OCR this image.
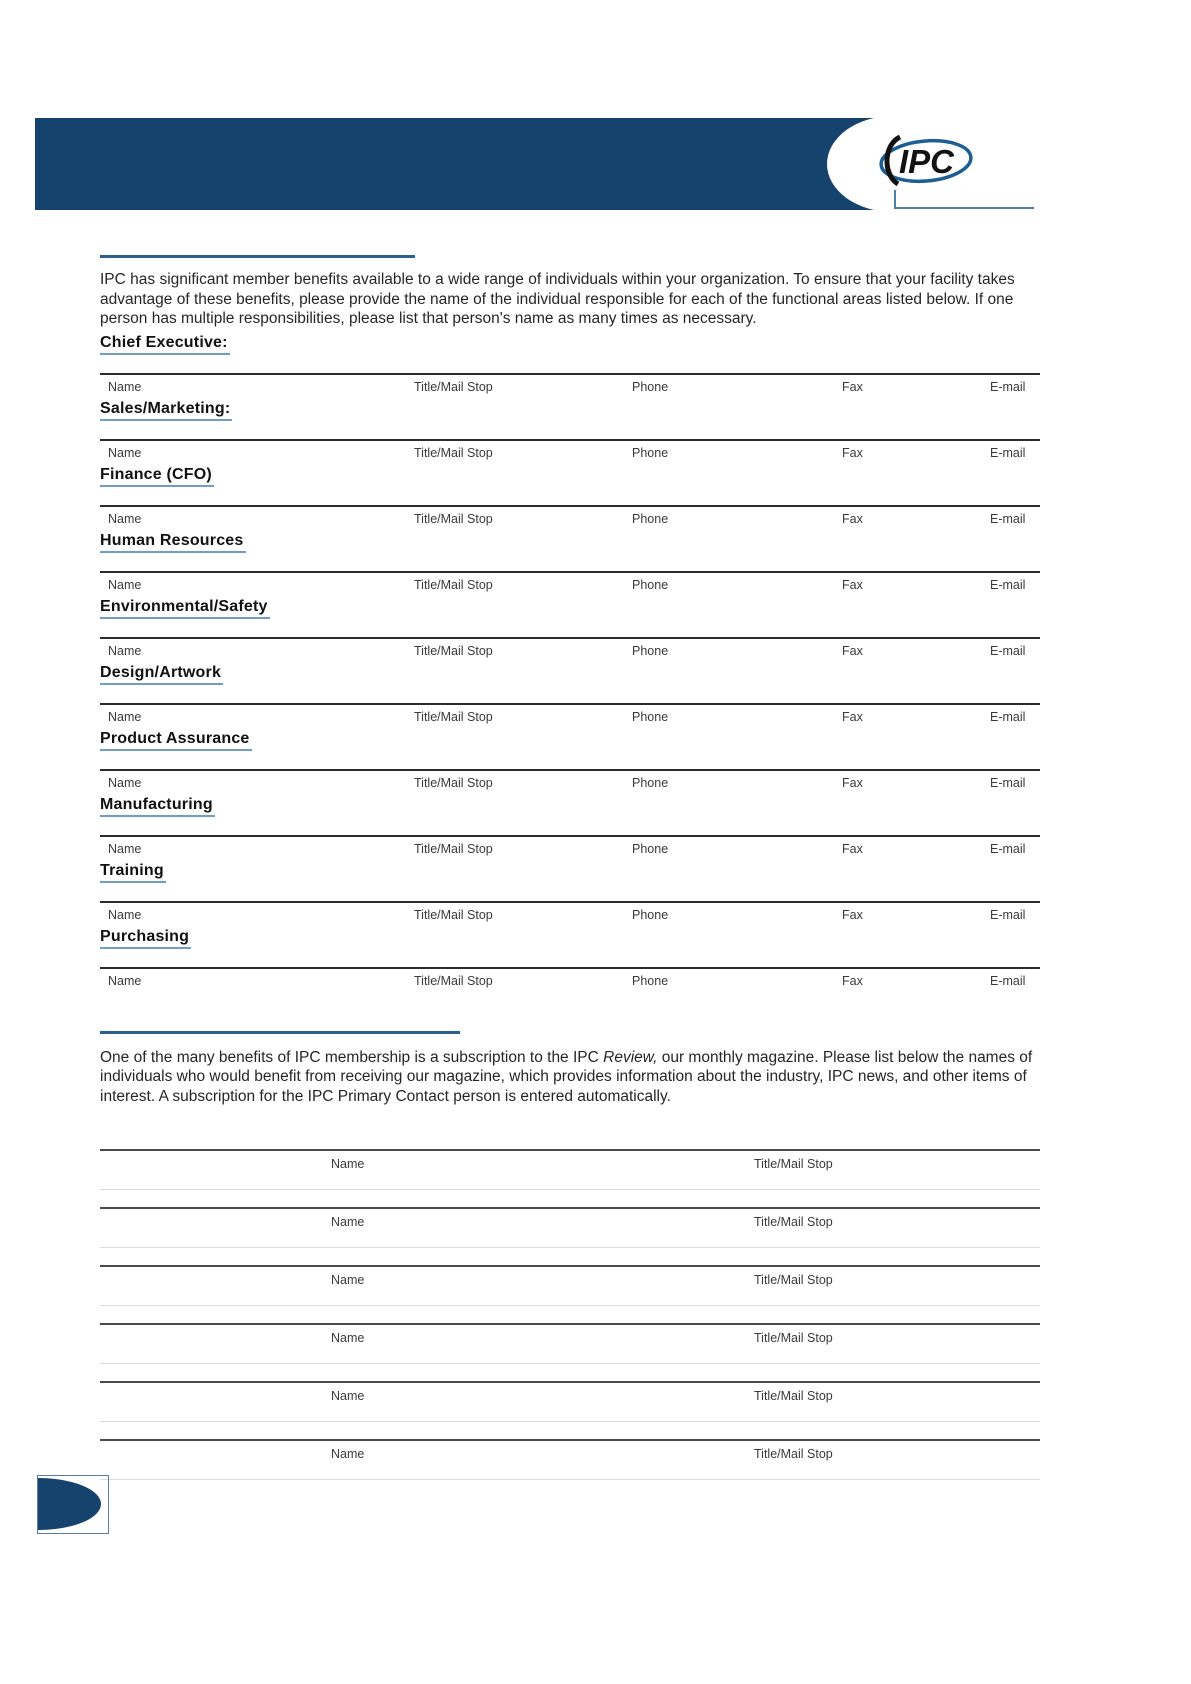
IPC

IPC has significant member benefits available to a wide range of individuals within your organization. To ensure that your facility takes advantage of these benefits, please provide the name of the individual responsible for each of the functional areas listed below. If one person has multiple responsibilities, please list that person's name as many times as necessary.

Chief Executive:
Name	Title/Mail Stop	Phone	Fax	E-mail
Sales/Marketing:
Name	Title/Mail Stop	Phone	Fax	E-mail
Finance (CFO)
Name	Title/Mail Stop	Phone	Fax	E-mail
Human Resources
Name	Title/Mail Stop	Phone	Fax	E-mail
Environmental/Safety
Name	Title/Mail Stop	Phone	Fax	E-mail
Design/Artwork
Name	Title/Mail Stop	Phone	Fax	E-mail
Product Assurance
Name	Title/Mail Stop	Phone	Fax	E-mail
Manufacturing
Name	Title/Mail Stop	Phone	Fax	E-mail
Training
Name	Title/Mail Stop	Phone	Fax	E-mail
Purchasing
Name	Title/Mail Stop	Phone	Fax	E-mail

One of the many benefits of IPC membership is a subscription to the IPC Review, our monthly magazine. Please list below the names of individuals who would benefit from receiving our magazine, which provides information about the industry, IPC news, and other items of interest. A subscription for the IPC Primary Contact person is entered automatically.

Name	Title/Mail Stop
Name	Title/Mail Stop
Name	Title/Mail Stop
Name	Title/Mail Stop
Name	Title/Mail Stop
Name	Title/Mail Stop
